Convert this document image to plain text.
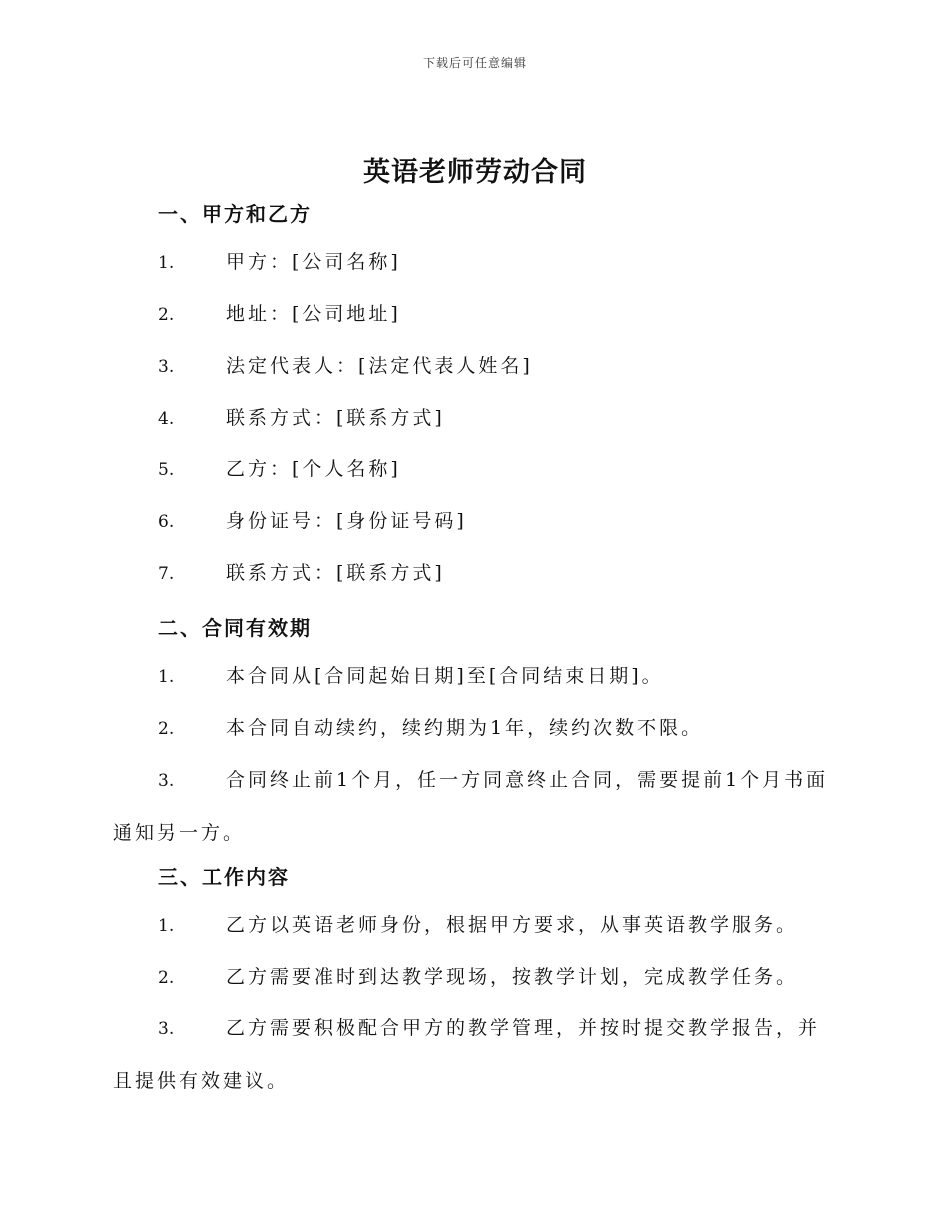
下载后可任意编辑
英语老师劳动合同
一、甲方和乙方
1.	甲方：[公司名称]
2.	地址：[公司地址]
3.	法定代表人：[法定代表人姓名]
4.	联系方式：[联系方式]
5.	乙方：[个人名称]
6.	身份证号：[身份证号码]
7.	联系方式：[联系方式]
二、合同有效期
1.	本合同从[合同起始日期]至[合同结束日期]。
2.	本合同自动续约，续约期为1年，续约次数不限。
3.	合同终止前1个月，任一方同意终止合同，需要提前1个月书面通知另一方。
三、工作内容
1.	乙方以英语老师身份，根据甲方要求，从事英语教学服务。
2.	乙方需要准时到达教学现场，按教学计划，完成教学任务。
3.	乙方需要积极配合甲方的教学管理，并按时提交教学报告，并且提供有效建议。
